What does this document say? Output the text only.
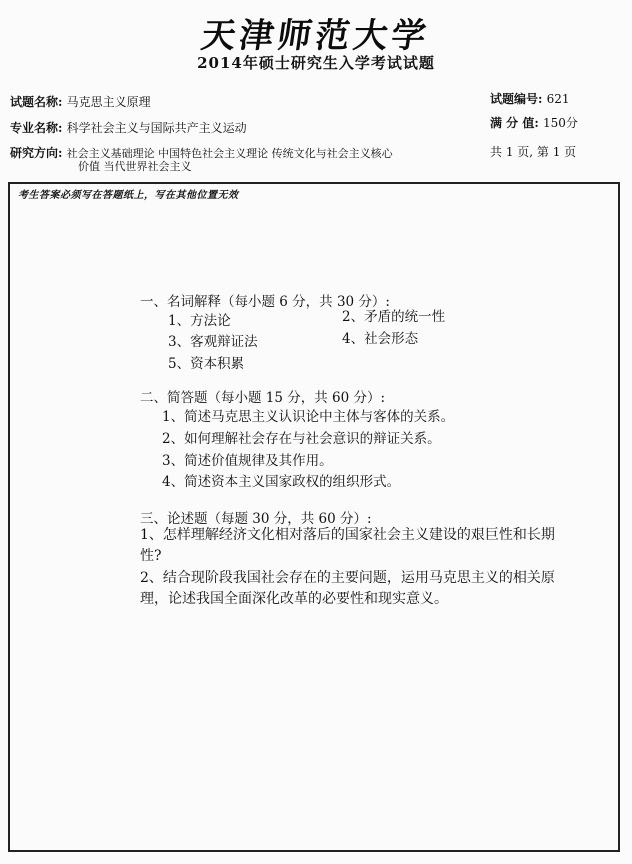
天津师范大学
2014年硕士研究生入学考试试题
试题名称: 马克思主义原理	试题编号: 621
专业名称: 科学社会主义与国际共产主义运动	满 分 值: 150分
研究方向: 社会主义基础理论 中国特色社会主义理论 传统文化与社会主义核心
价值 当代世界社会主义
共 1 页, 第 1 页
考生答案必须写在答题纸上，写在其他位置无效
一、名词解释（每小题 6 分，共 30 分）:
1、方法论	2、矛盾的统一性
3、客观辩证法	4、社会形态
5、资本积累
二、简答题（每小题 15 分，共 60 分）:
1、简述马克思主义认识论中主体与客体的关系。
2、如何理解社会存在与社会意识的辩证关系。
3、简述价值规律及其作用。
4、简述资本主义国家政权的组织形式。
三、论述题（每题 30 分，共 60 分）:
1、怎样理解经济文化相对落后的国家社会主义建设的艰巨性和长期性?
2、结合现阶段我国社会存在的主要问题，运用马克思主义的相关原理，论述我国全面深化改革的必要性和现实意义。
